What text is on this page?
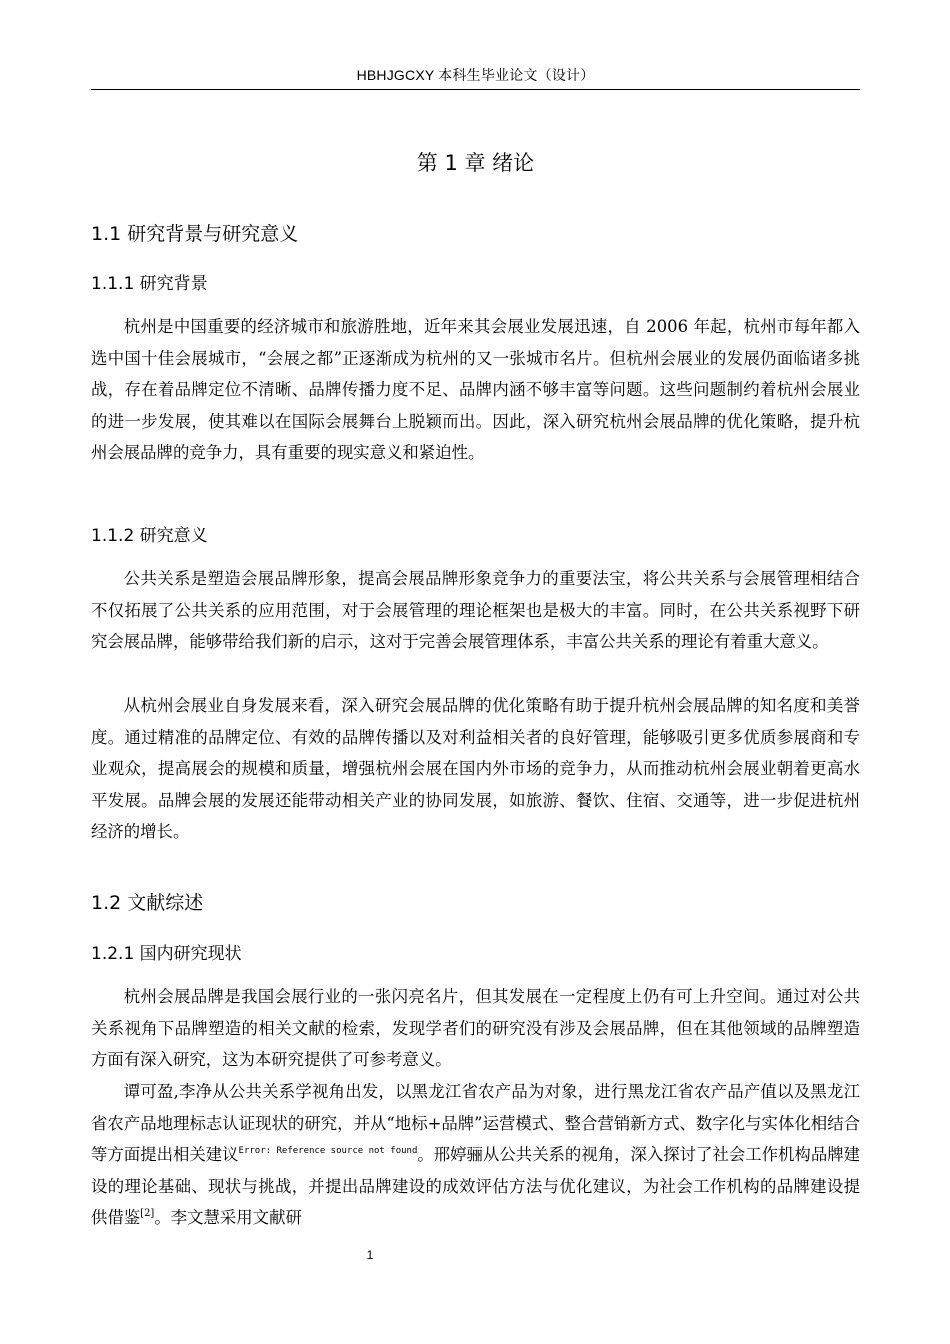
HBHJGCXY 本科生毕业论文（设计）
第 1 章 绪论
1.1 研究背景与研究意义
1.1.1 研究背景

杭州是中国重要的经济城市和旅游胜地，近年来其会展业发展迅速，自 2006 年起，杭州市每年都入选中国十佳会展城市，“会展之都”正逐渐成为杭州的又一张城市名片。但杭州会展业的发展仍面临诸多挑战，存在着品牌定位不清晰、品牌传播力度不足、品牌内涵不够丰富等问题。这些问题制约着杭州会展业的进一步发展，使其难以在国际会展舞台上脱颖而出。因此，深入研究杭州会展品牌的优化策略，提升杭州会展品牌的竞争力，具有重要的现实意义和紧迫性。

1.1.2 研究意义

公共关系是塑造会展品牌形象，提高会展品牌形象竞争力的重要法宝，将公共关系与会展管理相结合不仅拓展了公共关系的应用范围，对于会展管理的理论框架也是极大的丰富。同时，在公共关系视野下研究会展品牌，能够带给我们新的启示，这对于完善会展管理体系，丰富公共关系的理论有着重大意义。

从杭州会展业自身发展来看，深入研究会展品牌的优化策略有助于提升杭州会展品牌的知名度和美誉度。通过精准的品牌定位、有效的品牌传播以及对利益相关者的良好管理，能够吸引更多优质参展商和专业观众，提高展会的规模和质量，增强杭州会展在国内外市场的竞争力，从而推动杭州会展业朝着更高水平发展。品牌会展的发展还能带动相关产业的协同发展，如旅游、餐饮、住宿、交通等，进一步促进杭州经济的增长。

1.2 文献综述
1.2.1 国内研究现状

杭州会展品牌是我国会展行业的一张闪亮名片，但其发展在一定程度上仍有可上升空间。通过对公共关系视角下品牌塑造的相关文献的检索，发现学者们的研究没有涉及会展品牌，但在其他领域的品牌塑造方面有深入研究，这为本研究提供了可参考意义。

谭可盈,李净从公共关系学视角出发，以黑龙江省农产品为对象，进行黑龙江省农产品产值以及黑龙江省农产品地理标志认证现状的研究，并从“地标+品牌”运营模式、整合营销新方式、数字化与实体化相结合等方面提出相关建议$^{Error: Reference source not found}$。邢婷骊从公共关系的视角，深入探讨了社会工作机构品牌建设的理论基础、现状与挑战，并提出品牌建设的成效评估方法与优化建议，为社会工作机构的品牌建设提供借鉴[2]。李文慧采用文献研

1
